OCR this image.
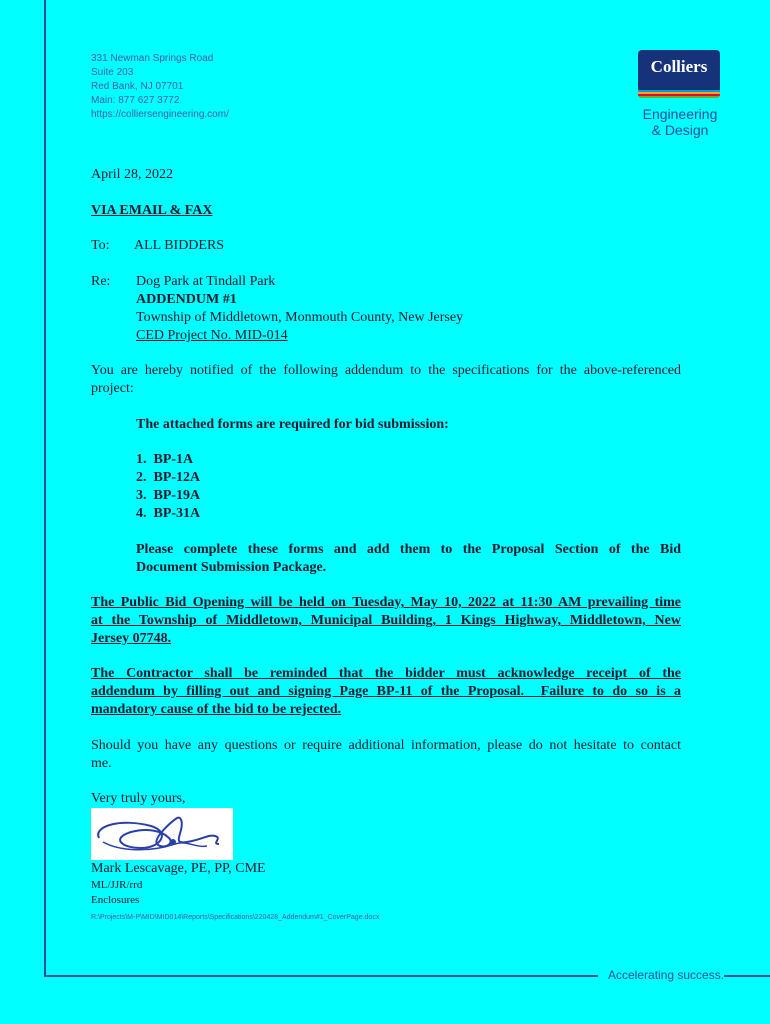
Accelerating success.
331 Newman Springs Road
Suite 203
Red Bank, NJ 07701
Main: 877 627 3772
https://colliersengineering.com/
Colliers
Engineering
& Design
April 28, 2022
VIA EMAIL & FAX
To: ALL BIDDERS
Re: Dog Park at Tindall Park
ADDENDUM #1
Township of Middletown, Monmouth County, New Jersey
CED Project No. MID-014
You are hereby notified of the following addendum to the specifications for the above-referenced
project:
The attached forms are required for bid submission:
1.  BP-1A
2.  BP-12A
3.  BP-19A
4.  BP-31A
Please complete these forms and add them to the Proposal Section of the Bid
Document Submission Package.
The Public Bid Opening will be held on Tuesday, May 10, 2022 at 11:30 AM prevailing time
at the Township of Middletown, Municipal Building, 1 Kings Highway, Middletown, New
Jersey 07748.
The Contractor shall be reminded that the bidder must acknowledge receipt of the
addendum by filling out and signing Page BP-11 of the Proposal.  Failure to do so is a
mandatory cause of the bid to be rejected.
Should you have any questions or require additional information, please do not hesitate to contact
me.
Very truly yours,
Mark Lescavage, PE, PP, CME
ML/JJR/rrd
Enclosures
R:\Projects\M-P\MID\MID014\Reports\Specifications\220428_Addendum#1_CoverPage.docx
